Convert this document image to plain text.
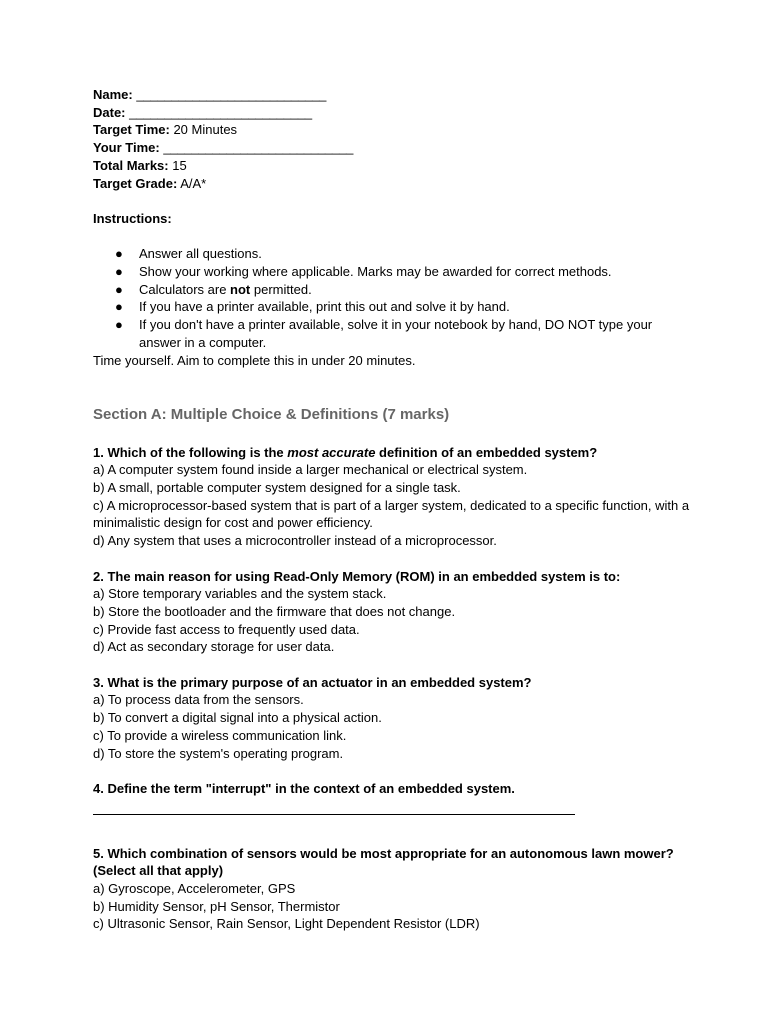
Name: ___________________________

Date: __________________________

Target Time: 20 Minutes

Your Time: ___________________________

Total Marks: 15

Target Grade: A/A*

Instructions:

● Answer all questions.
● Show your working where applicable. Marks may be awarded for correct methods.
● Calculators are not permitted.
● If you have a printer available, print this out and solve it by hand.
● If you don't have a printer available, solve it in your notebook by hand, DO NOT type your answer in a computer.

Time yourself. Aim to complete this in under 20 minutes.

Section A: Multiple Choice & Definitions (7 marks)

1. Which of the following is the most accurate definition of an embedded system?

a) A computer system found inside a larger mechanical or electrical system.

b) A small, portable computer system designed for a single task.

c) A microprocessor-based system that is part of a larger system, dedicated to a specific function, with a minimalistic design for cost and power efficiency.

d) Any system that uses a microcontroller instead of a microprocessor.

2. The main reason for using Read-Only Memory (ROM) in an embedded system is to:

a) Store temporary variables and the system stack.

b) Store the bootloader and the firmware that does not change.

c) Provide fast access to frequently used data.

d) Act as secondary storage for user data.

3. What is the primary purpose of an actuator in an embedded system?

a) To process data from the sensors.

b) To convert a digital signal into a physical action.

c) To provide a wireless communication link.

d) To store the system's operating program.

4. Define the term "interrupt" in the context of an embedded system.

5. Which combination of sensors would be most appropriate for an autonomous lawn mower? (Select all that apply)

a) Gyroscope, Accelerometer, GPS

b) Humidity Sensor, pH Sensor, Thermistor

c) Ultrasonic Sensor, Rain Sensor, Light Dependent Resistor (LDR)
